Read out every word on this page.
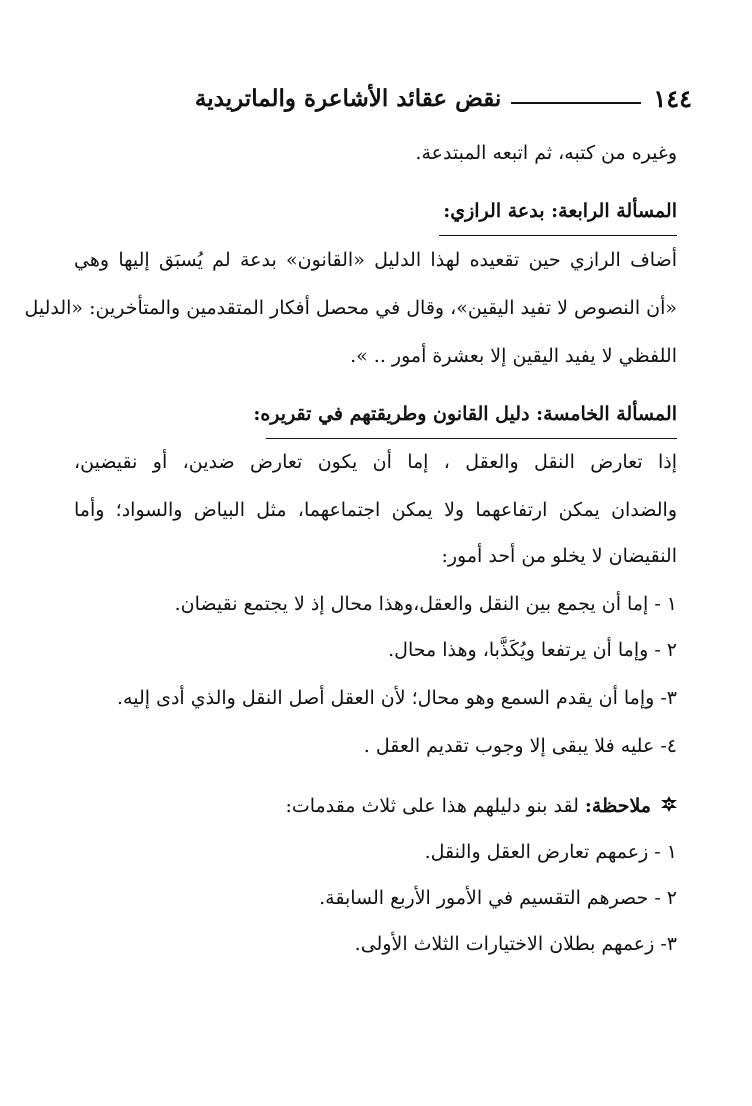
١٤٤
نقض عقائد الأشاعرة والماتريدية
وغيره من كتبه، ثم اتبعه المبتدعة.
المسألة الرابعة: بدعة الرازي:
أضاف الرازي حين تقعيده لهذا الدليل «القانون» بدعة لم يُسبَق إليها وهي
«أن النصوص لا تفيد اليقين»، وقال في محصل أفكار المتقدمين والمتأخرين: «الدليل
اللفظي لا يفيد اليقين إلا بعشرة أمور .. ».
المسألة الخامسة: دليل القانون وطريقتهم في تقريره:
إذا تعارض النقل والعقل ، إما أن يكون تعارض ضدين، أو نقيضين،
والضدان يمكن ارتفاعهما ولا يمكن اجتماعهما، مثل البياض والسواد؛ وأما
النقيضان لا يخلو من أحد أمور:
١ - إما أن يجمع بين النقل والعقل،وهذا محال إذ لا يجتمع نقيضان.
٢ - وإما أن يرتفعا ويُكَذَّبا، وهذا محال.
٣- وإما أن يقدم السمع وهو محال؛ لأن العقل أصل النقل والذي أدى إليه.
٤- عليه فلا يبقى إلا وجوب تقديم العقل .
ملاحظة: لقد بنو دليلهم هذا على ثلاث مقدمات:
١ - زعمهم تعارض العقل والنقل.
٢ - حصرهم التقسيم في الأمور الأربع السابقة.
٣- زعمهم بطلان الاختيارات الثلاث الأولى.
